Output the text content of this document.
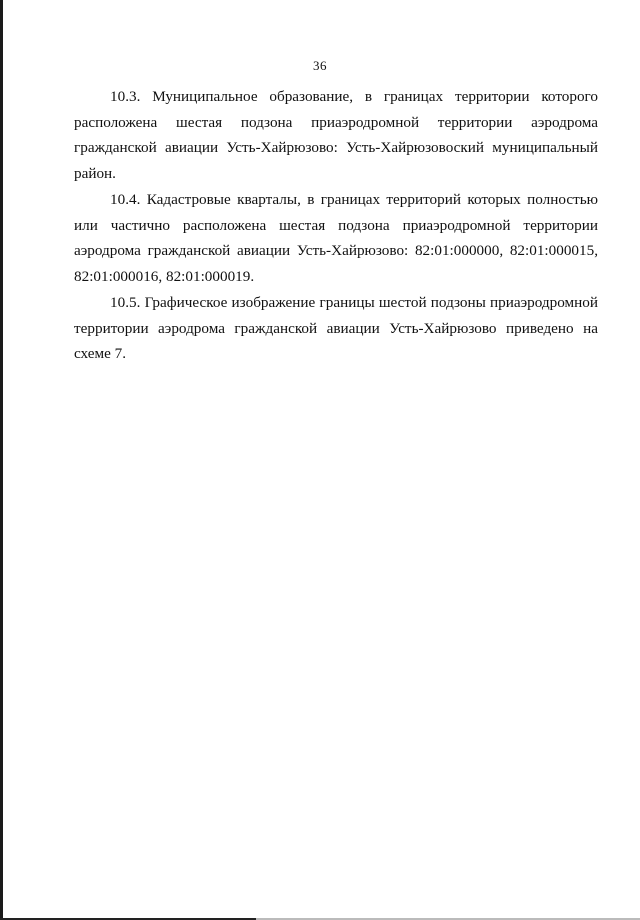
36

10.3. Муниципальное образование, в границах территории которого расположена шестая подзона приаэродромной территории аэродрома гражданской авиации Усть-Хайрюзово: Усть-Хайрюзовоский муниципальный район.

10.4. Кадастровые кварталы, в границах территорий которых полностью или частично расположена шестая подзона приаэродромной территории аэродрома гражданской авиации Усть-Хайрюзово: 82:01:000000, 82:01:000015, 82:01:000016, 82:01:000019.

10.5. Графическое изображение границы шестой подзоны приаэродромной территории аэродрома гражданской авиации Усть-Хайрюзово приведено на схеме 7.
